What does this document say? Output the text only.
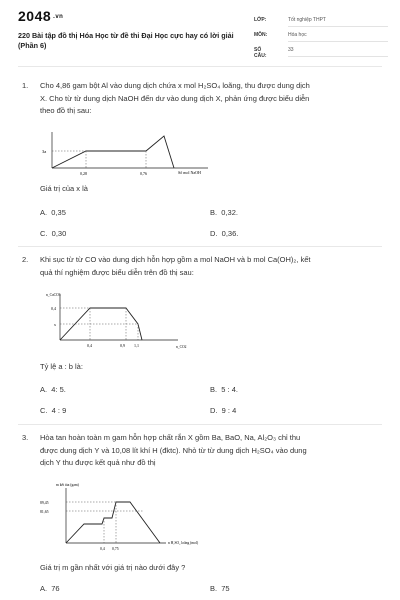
2048 .vn
220 Bài tập đồ thị Hóa Học từ đề thi Đại Học cực hay có lời giải (Phần 6)
LỚP:	Tốt nghiệp THPT
MÔN:	Hóa học
SỐ CÂU:
33
1. Cho 4,86 gam bột Al vào dung dịch chứa x mol H₂SO₄ loãng, thu được dung dịch
X. Cho từ từ dung dịch NaOH đến dư vào dung dịch X, phản ứng được biểu diễn
theo đồ thị sau:
3a
0,28	0,76	Số mol NaOH
Giá trị của x là
A. 0,35	B. 0,32.
C. 0,30	D. 0,36.
2. Khi sục từ từ CO vào dung dịch hỗn hợp gồm a mol NaOH và b mol Ca(OH)₂, kết
quả thí nghiệm được biểu diễn trên đồ thị sau:
n_CaCO3
0,4
x
0,4	0,9 1,1	n_CO2
Tỷ lệ a : b là:
A. 4: 5.	B. 5 : 4.
C. 4 : 9	D. 9 : 4
3. Hòa tan hoàn toàn m gam hỗn hợp chất rắn X gồm Ba, BaO, Na, Al₂O₃ chỉ thu
được dung dịch Y và 10,08 lít khí H (đktc). Nhỏ từ từ dung dịch H₂SO₄ vào dung
dịch Y thu được kết quả như đồ thị
m kết tủa (gam)
89,45
81,65
0,4 0,75
n H₂SO₄ loãng (mol)
Giá trị m gần nhất với giá trị nào dưới đây ?
A. 76	B. 75
